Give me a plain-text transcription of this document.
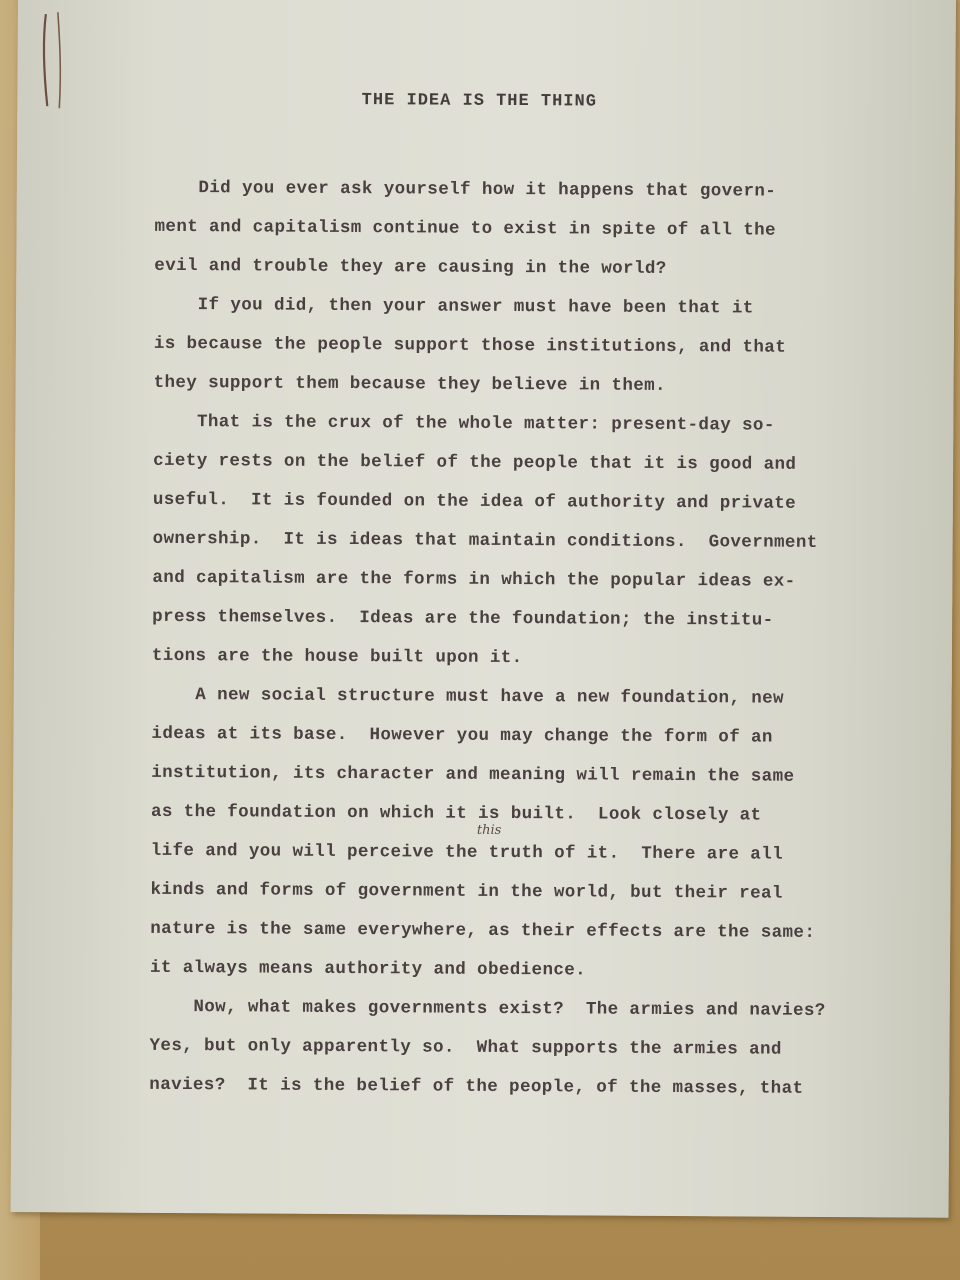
THE IDEA IS THE THING
Did you ever ask yourself how it happens that govern-
ment and capitalism continue to exist in spite of all the
evil and trouble they are causing in the world?
If you did, then your answer must have been that it
is because the people support those institutions, and that
they support them because they believe in them.
That is the crux of the whole matter: present-day so-
ciety rests on the belief of the people that it is good and
useful.  It is founded on the idea of authority and private
ownership.  It is ideas that maintain conditions.  Government
and capitalism are the forms in which the popular ideas ex-
press themselves.  Ideas are the foundation; the institu-
tions are the house built upon it.
A new social structure must have a new foundation, new
ideas at its base.  However you may change the form of an
institution, its character and meaning will remain the same
as the foundation on which it is built.  Look closely at
life and you will perceive the truth of it.  There are all
kinds and forms of government in the world, but their real
nature is the same everywhere, as their effects are the same:
it always means authority and obedience.
Now, what makes governments exist?  The armies and navies?
Yes, but only apparently so.  What supports the armies and
navies?  It is the belief of the people, of the masses, that
this
